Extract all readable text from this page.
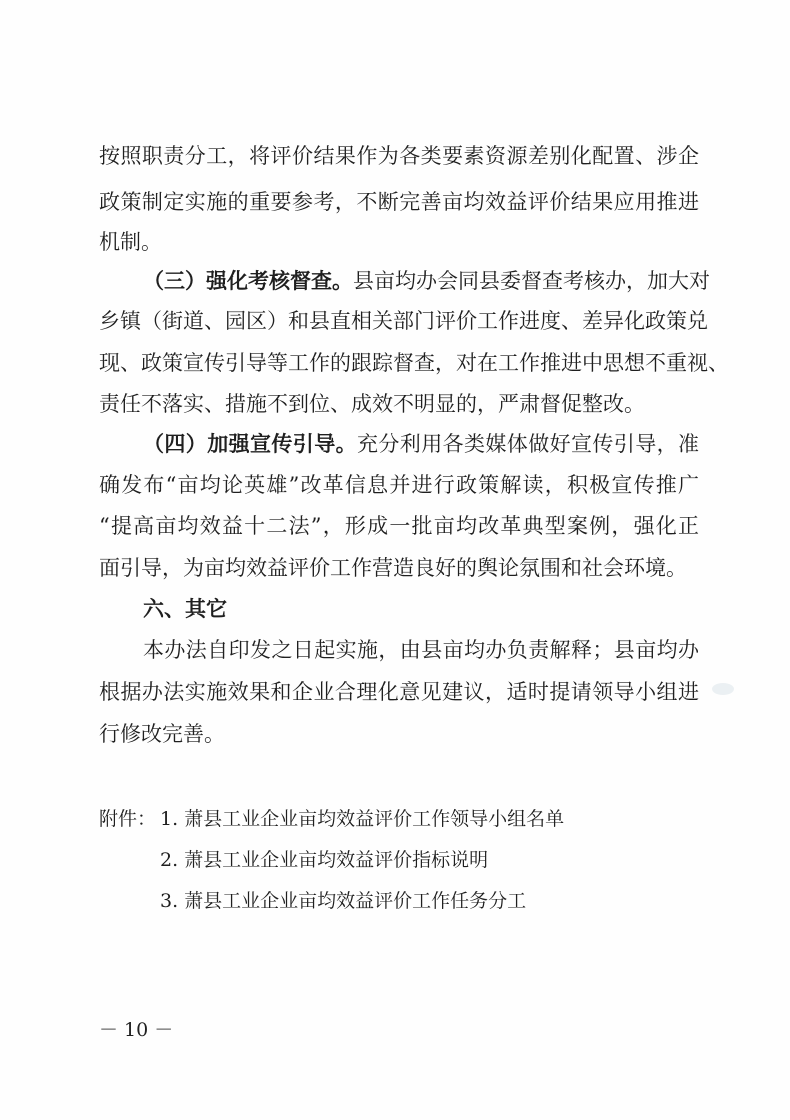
按照职责分工，将评价结果作为各类要素资源差别化配置、涉企
政策制定实施的重要参考，不断完善亩均效益评价结果应用推进
机制。
（三）强化考核督查。县亩均办会同县委督查考核办，加大对
乡镇（街道、园区）和县直相关部门评价工作进度、差异化政策兑
现、政策宣传引导等工作的跟踪督查，对在工作推进中思想不重视、
责任不落实、措施不到位、成效不明显的，严肃督促整改。
（四）加强宣传引导。充分利用各类媒体做好宣传引导，准
确发布“亩均论英雄”改革信息并进行政策解读，积极宣传推广
“提高亩均效益十二法”，形成一批亩均改革典型案例，强化正
面引导，为亩均效益评价工作营造良好的舆论氛围和社会环境。
六、其它
本办法自印发之日起实施，由县亩均办负责解释；县亩均办
根据办法实施效果和企业合理化意见建议，适时提请领导小组进
行修改完善。
附件： 1. 萧县工业企业亩均效益评价工作领导小组名单
2. 萧县工业企业亩均效益评价指标说明
3. 萧县工业企业亩均效益评价工作任务分工
－ 10 －
